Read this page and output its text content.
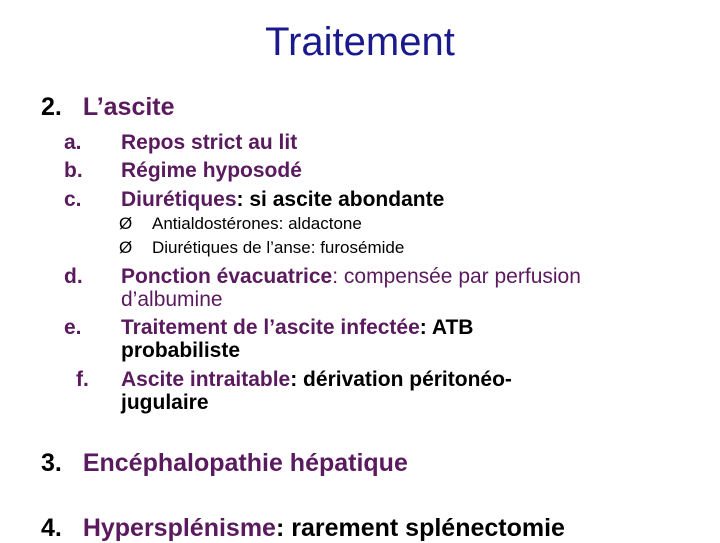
Traitement
2. L’ascite
a. Repos strict au lit
b. Régime hyposodé
c. Diurétiques: si ascite abondante
Ø Antialdostérones: aldactone
Ø Diurétiques de l’anse: furosémide
d. Ponction évacuatrice: compensée par perfusion
d’albumine
e. Traitement de l’ascite infectée: ATB
probabiliste
f. Ascite intraitable: dérivation péritonéo-
jugulaire
3. Encéphalopathie hépatique
4. Hypersplénisme: rarement splénectomie
